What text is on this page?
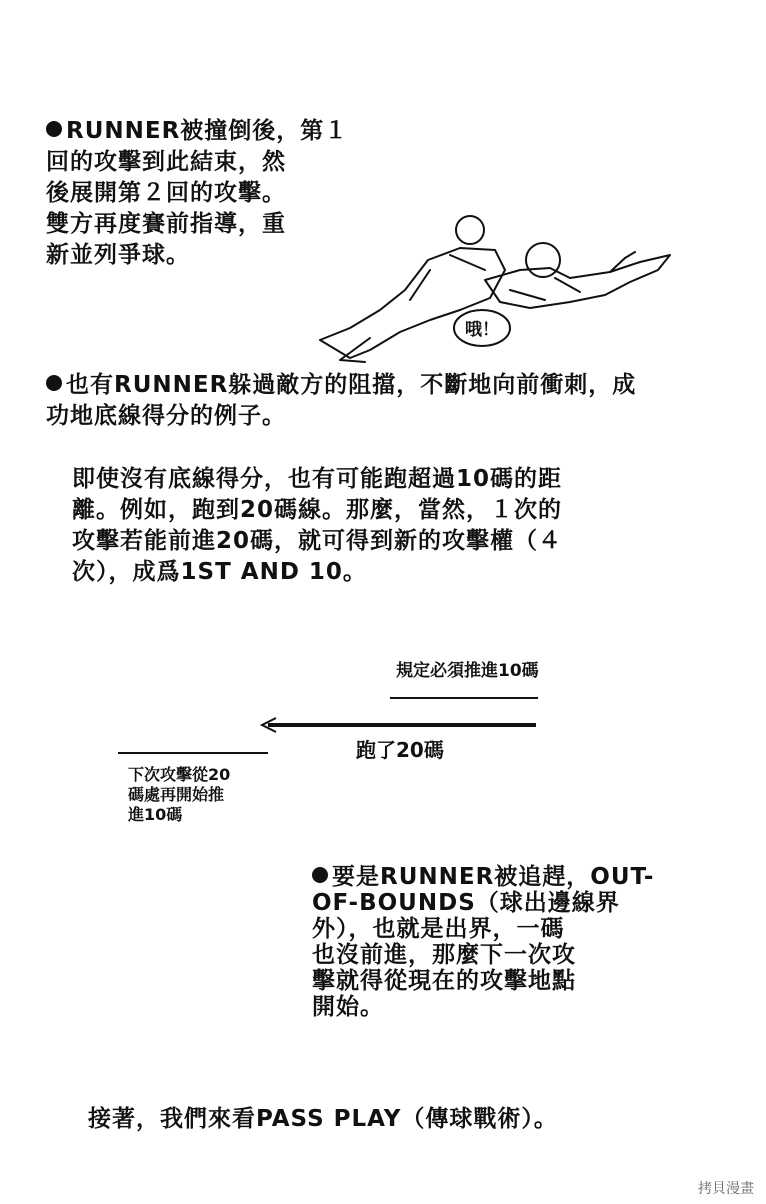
RUNNER被撞倒後，第１
回的攻擊到此結束，然
後展開第２回的攻擊。
雙方再度賽前指導，重
新並列爭球。
哦！
也有RUNNER躲過敵方的阻擋，不斷地向前衝刺，成
功地底線得分的例子。
即使沒有底線得分，也有可能跑超過10碼的距
離。例如，跑到20碼線。那麼，當然，１次的
攻擊若能前進20碼，就可得到新的攻擊權（４
次），成爲1ST AND 10。
規定必須推進10碼
跑了20碼
下次攻擊從20
碼處再開始推
進10碼
要是RUNNER被追趕，OUT-
OF-BOUNDS（球出邊線界
外），也就是出界，一碼
也沒前進，那麼下一次攻
擊就得從現在的攻擊地點
開始。
接著，我們來看PASS PLAY（傳球戰術）。
拷貝漫畫
